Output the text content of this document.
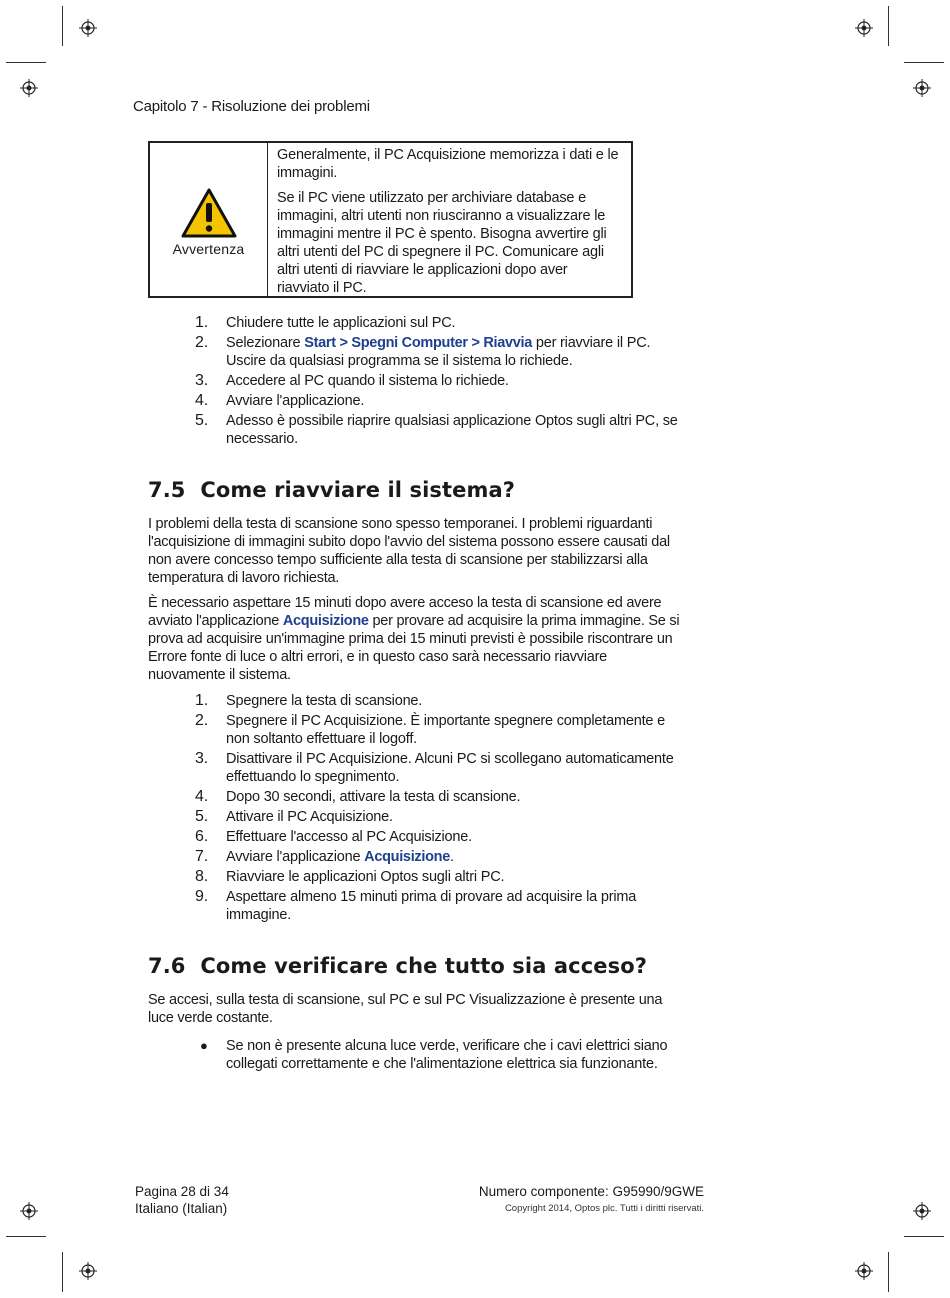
Capitolo 7 - Risoluzione dei problemi
Avvertenza

Generalmente, il PC Acquisizione memorizza i dati e le immagini.

Se il PC viene utilizzato per archiviare database e immagini, altri utenti non riusciranno a visualizzare le immagini mentre il PC è spento. Bisogna avvertire gli altri utenti del PC di spegnere il PC. Comunicare agli altri utenti di riavviare le applicazioni dopo aver riavviato il PC.

1.	Chiudere tutte le applicazioni sul PC.
2.	Selezionare Start > Spegni Computer > Riavvia per riavviare il PC. Uscire da qualsiasi programma se il sistema lo richiede.
3.	Accedere al PC quando il sistema lo richiede.
4.	Avviare l'applicazione.
5.	Adesso è possibile riaprire qualsiasi applicazione Optos sugli altri PC, se necessario.
7.5  Come riavviare il sistema?

I problemi della testa di scansione sono spesso temporanei. I problemi riguardanti l'acquisizione di immagini subito dopo l'avvio del sistema possono essere causati dal non avere concesso tempo sufficiente alla testa di scansione per stabilizzarsi alla temperatura di lavoro richiesta.

È necessario aspettare 15 minuti dopo avere acceso la testa di scansione ed avere avviato l'applicazione Acquisizione per provare ad acquisire la prima immagine. Se si prova ad acquisire un'immagine prima dei 15 minuti previsti è possibile riscontrare un Errore fonte di luce o altri errori, e in questo caso sarà necessario riavviare nuovamente il sistema.

1.	Spegnere la testa di scansione.
2.	Spegnere il PC Acquisizione. È importante spegnere completamente e non soltanto effettuare il logoff.
3.	Disattivare il PC Acquisizione. Alcuni PC si scollegano automaticamente effettuando lo spegnimento.
4.	Dopo 30 secondi, attivare la testa di scansione.
5.	Attivare il PC Acquisizione.
6.	Effettuare l'accesso al PC Acquisizione.
7.	Avviare l'applicazione Acquisizione.
8.	Riavviare le applicazioni Optos sugli altri PC.
9.	Aspettare almeno 15 minuti prima di provare ad acquisire la prima immagine.
7.6  Come verificare che tutto sia acceso?

Se accesi, sulla testa di scansione, sul PC e sul PC Visualizzazione è presente una luce verde costante.

●	Se non è presente alcuna luce verde, verificare che i cavi elettrici siano collegati correttamente e che l'alimentazione elettrica sia funzionante.
Pagina 28 di 34
Italiano (Italian)
Numero componente: G95990/9GWE
Copyright 2014, Optos plc. Tutti i diritti riservati.
